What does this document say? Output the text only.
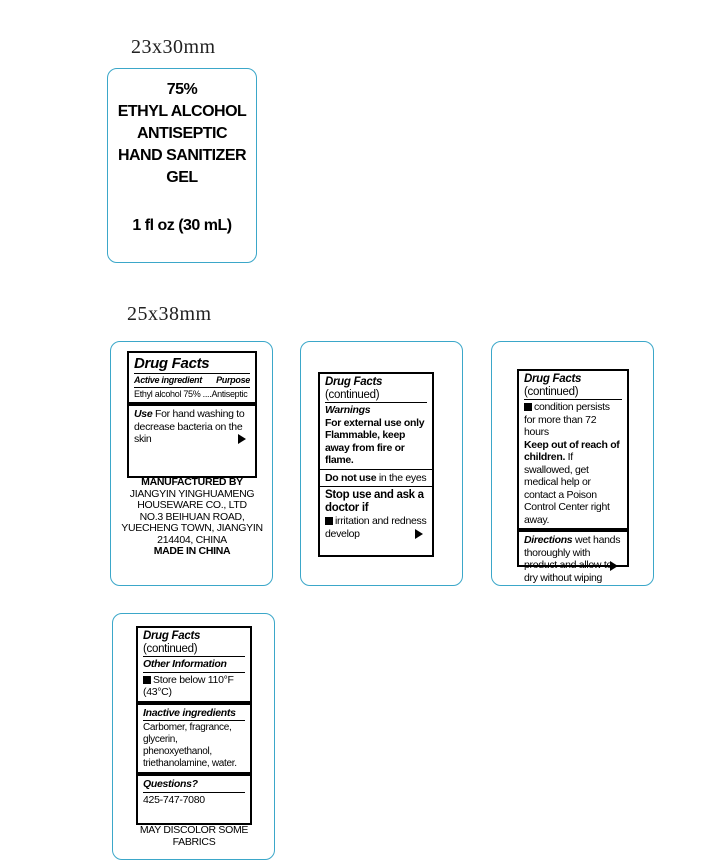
23x30mm
25x38mm
75%
ETHYL ALCOHOL
ANTISEPTIC
HAND SANITIZER
GEL
1 fl oz (30 mL)
Drug Facts
Active ingredient Purpose
Ethyl alcohol 75% ....Antiseptic
Use For hand washing to decrease bacteria on the skin
MANUFACTURED BY
JIANGYIN YINGHUAMENG
HOUSEWARE CO., LTD
NO.3 BEIHUAN ROAD,
YUECHENG TOWN, JIANGYIN
214404, CHINA
MADE IN CHINA
Drug Facts (continued)
Warnings
For external use only Flammable, keep away from fire or flame.
Do not use in the eyes
Stop use and ask a doctor if
irritation and redness develop
Drug Facts (continued)
condition persists for more than 72 hours
Keep out of reach of children. If swallowed, get medical help or contact a Poison Control Center right away.
Directions wet hands thoroughly with product and allow to dry without wiping
Drug Facts (continued)
Other Information
Store below 110°F (43°C)
Inactive ingredients
Carbomer, fragrance, glycerin, phenoxyethanol, triethanolamine, water.
Questions?
425-747-7080
MAY DISCOLOR SOME FABRICS
